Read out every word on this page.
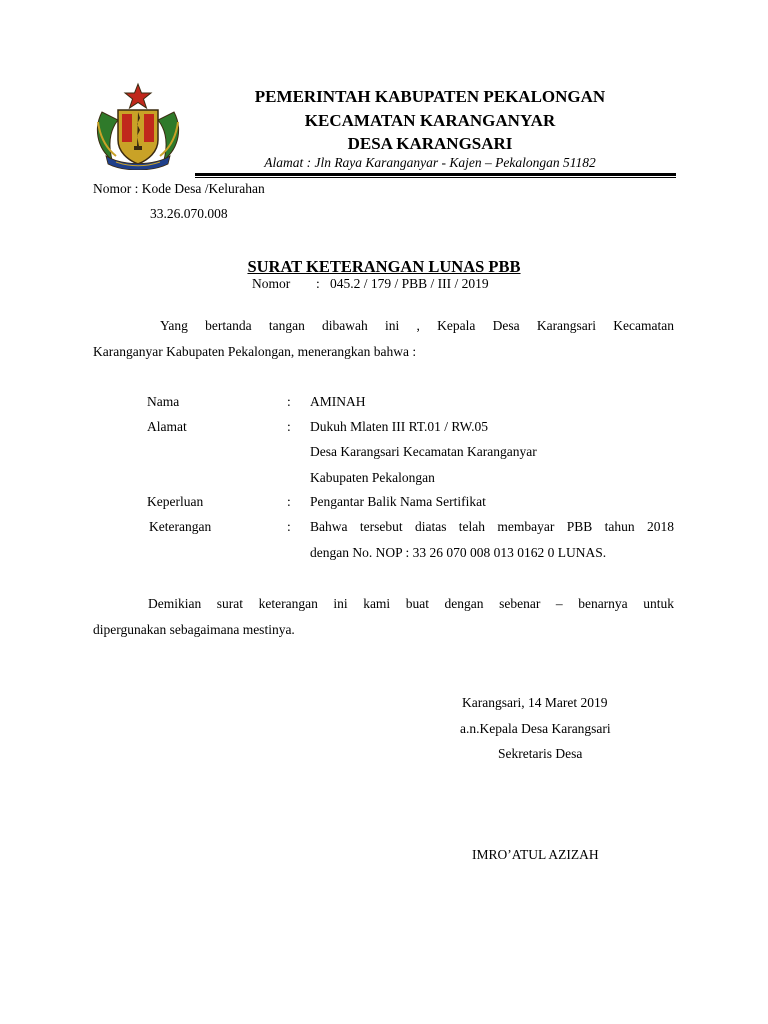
PEMERINTAH KABUPATEN PEKALONGAN
KECAMATAN KARANGANYAR
DESA KARANGSARI
Alamat : Jln Raya Karanganyar - Kajen – Pekalongan 51182
Nomor : Kode Desa /Kelurahan
33.26.070.008
SURAT KETERANGAN LUNAS PBB
Nomor : 045.2 / 179 / PBB / III / 2019
Yang bertanda tangan dibawah ini , Kepala Desa Karangsari Kecamatan
Karanganyar Kabupaten Pekalongan, menerangkan bahwa :
Nama	: AMINAH
Alamat	: Dukuh Mlaten III RT.01 / RW.05
Desa Karangsari Kecamatan Karanganyar
Kabupaten Pekalongan
Keperluan	: Pengantar Balik Nama Sertifikat
Keterangan	: Bahwa tersebut diatas telah membayar PBB tahun 2018
dengan No. NOP : 33 26 070 008 013 0162 0 LUNAS.
Demikian surat keterangan ini kami buat dengan sebenar – benarnya untuk
dipergunakan sebagaimana mestinya.
Karangsari, 14 Maret 2019
a.n.Kepala Desa Karangsari
Sekretaris Desa
IMRO’ATUL AZIZAH
